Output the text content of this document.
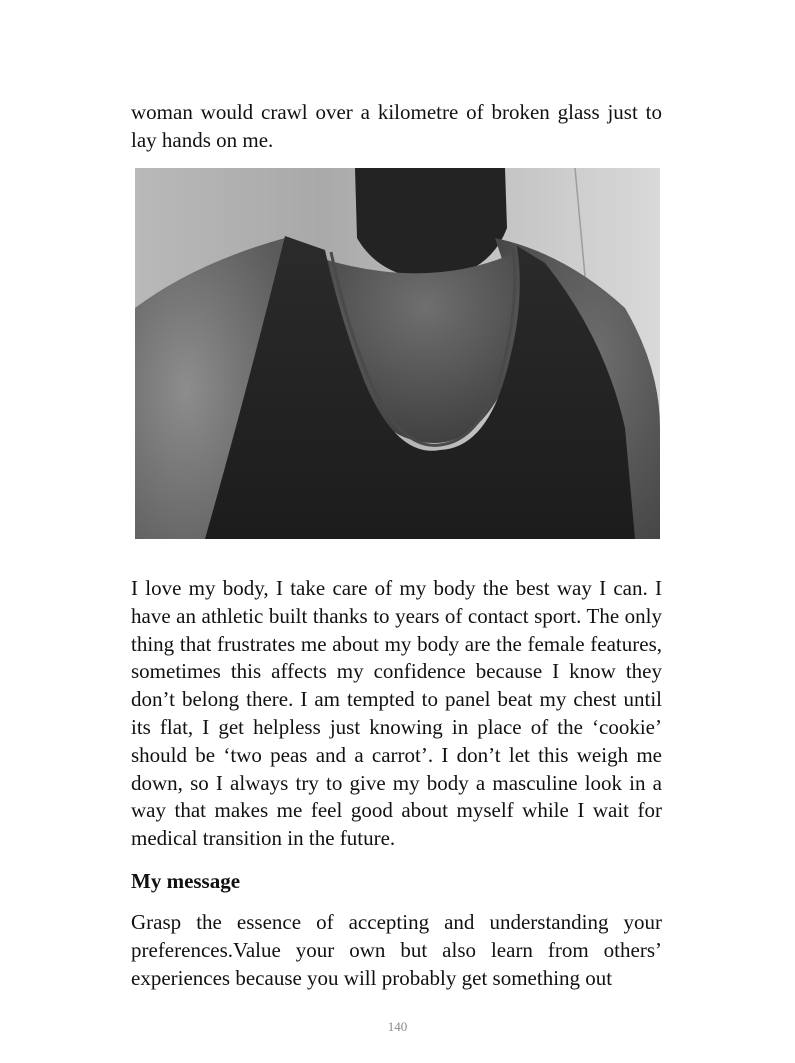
woman would crawl over a kilometre of broken glass just to lay hands on me.

I love my body, I take care of my body the best way I can. I have an athletic built thanks to years of contact sport. The only thing that frustrates me about my body are the female features, sometimes this affects my confidence because I know they don’t belong there. I am tempted to panel beat my chest until its flat, I get helpless just knowing in place of the ‘cookie’ should be ‘two peas and a carrot’. I don’t let this weigh me down, so I always try to give my body a masculine look in a way that makes me feel good about myself while I wait for medical transition in the future.

My message

Grasp the essence of accepting and understanding your preferences.Value your own but also learn from others’ experiences because you will probably get something out

140
